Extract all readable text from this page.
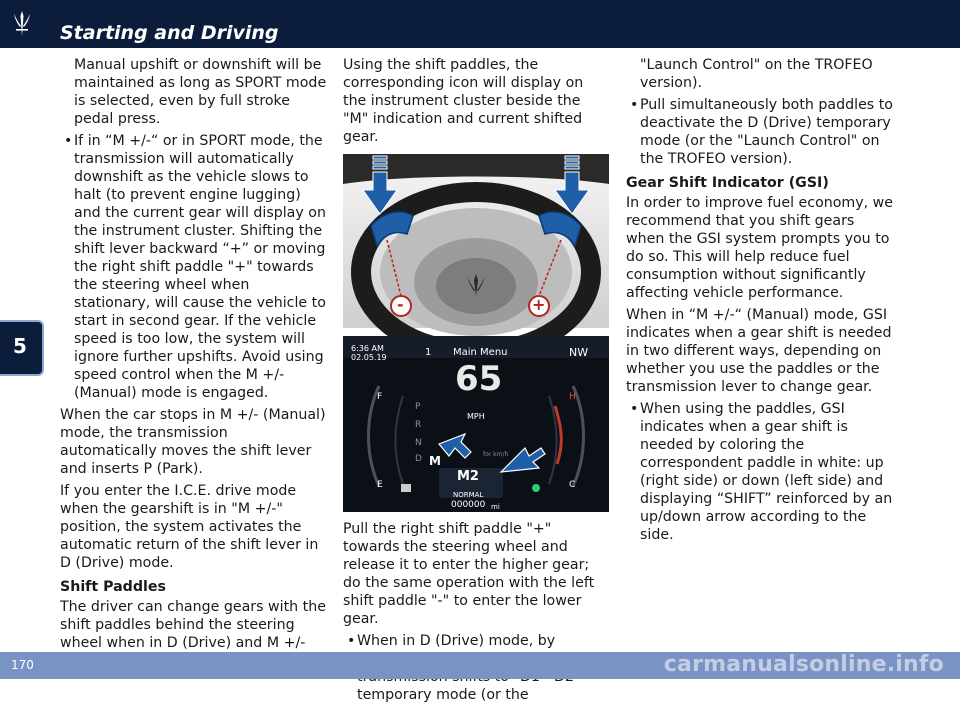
Starting and Driving
5

Manual upshift or downshift will be maintained as long as SPORT mode is selected, even by full stroke pedal press.

• If in “M +/-“ or in SPORT mode, the transmission will automatically downshift as the vehicle slows to halt (to prevent engine lugging) and the current gear will display on the instrument cluster. Shifting the shift lever backward “+” or moving the right shift paddle "+" towards the steering wheel when stationary, will cause the vehicle to start in second gear. If the vehicle speed is too low, the system will ignore further upshifts. Avoid using speed control when the M +/- (Manual) mode is engaged.

When the car stops in M +/- (Manual) mode, the transmission automatically moves the shift lever and inserts P (Park).

If you enter the I.C.E. drive mode when the gearshift is in "M +/-" position, the system activates the automatic return of the shift lever in D (Drive) mode.

Shift Paddles

The driver can change gears with the shift paddles behind the steering wheel when in D (Drive) and M +/-

Using the shift paddles, the corresponding icon will display on the instrument cluster beside the "M" indication and current shifted gear.

-	+
6:36 AM
02.05.19	1 Main Menu	NW
65
MPH
F
E
H
C
P
R
N
D M	for km/h
M2
NORMAL
000000 mi

Pull the right shift paddle "+" towards the steering wheel and release it to enter the higher gear; do the same operation with the left shift paddle "-" to enter the lower gear.

• When in D (Drive) mode, by temporary mode (or the

"Launch Control" on the TROFEO version).

• Pull simultaneously both paddles to deactivate the D (Drive) temporary mode (or the "Launch Control" on the TROFEO version).

Gear Shift Indicator (GSI)

In order to improve fuel economy, we recommend that you shift gears when the GSI system prompts you to do so. This will help reduce fuel consumption without significantly affecting vehicle performance.

When in “M +/-“ (Manual) mode, GSI indicates when a gear shift is needed in two different ways, depending on whether you use the paddles or the transmission lever to change gear.

• When using the paddles, GSI indicates when a gear shift is needed by coloring the correspondent paddle in white: up (right side) or down (left side) and displaying “SHIFT” reinforced by an up/down arrow according to the side.
170	carmanualsonline.info
